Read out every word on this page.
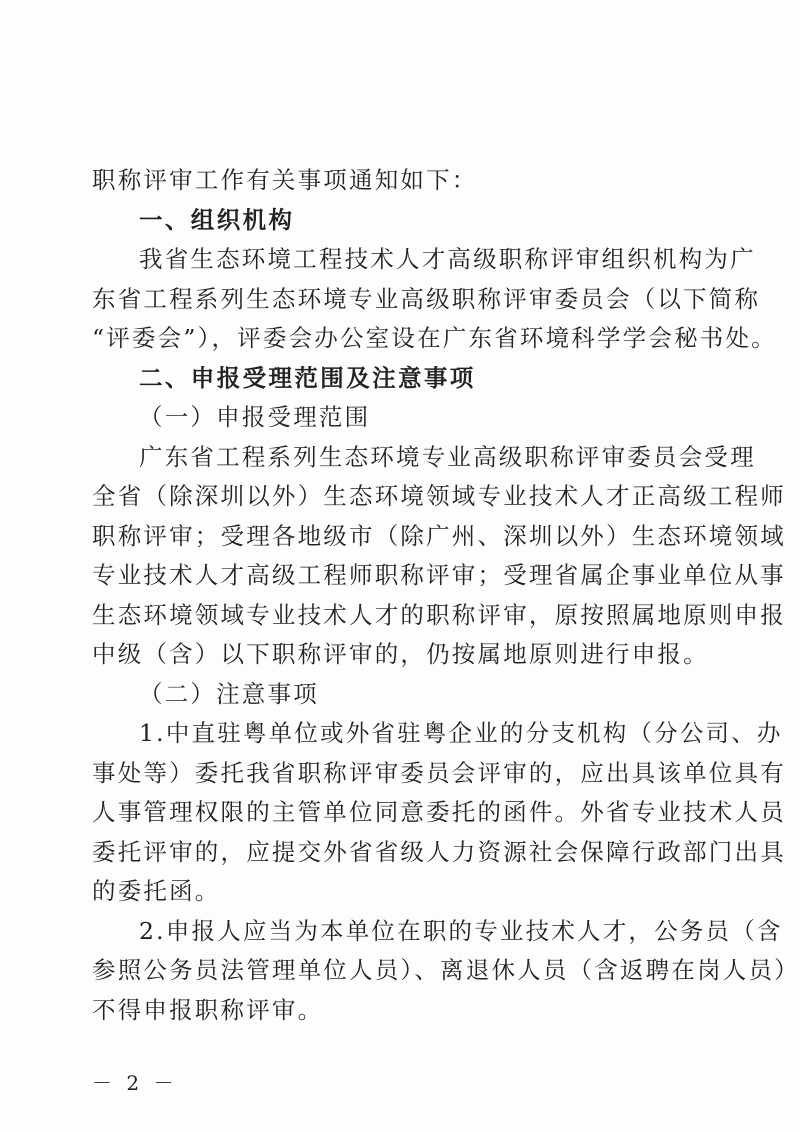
职称评审工作有关事项通知如下：
一、组织机构
我省生态环境工程技术人才高级职称评审组织机构为广
东省工程系列生态环境专业高级职称评审委员会（以下简称
“评委会”），评委会办公室设在广东省环境科学学会秘书处。
二、申报受理范围及注意事项
（一）申报受理范围
广东省工程系列生态环境专业高级职称评审委员会受理
全省（除深圳以外）生态环境领域专业技术人才正高级工程师
职称评审；受理各地级市（除广州、深圳以外）生态环境领域
专业技术人才高级工程师职称评审；受理省属企事业单位从事
生态环境领域专业技术人才的职称评审，原按照属地原则申报
中级（含）以下职称评审的，仍按属地原则进行申报。
（二）注意事项
1.中直驻粤单位或外省驻粤企业的分支机构（分公司、办
事处等）委托我省职称评审委员会评审的，应出具该单位具有
人事管理权限的主管单位同意委托的函件。外省专业技术人员
委托评审的，应提交外省省级人力资源社会保障行政部门出具
的委托函。
2.申报人应当为本单位在职的专业技术人才，公务员（含
参照公务员法管理单位人员）、离退休人员（含返聘在岗人员）
不得申报职称评审。
－ 2 －
